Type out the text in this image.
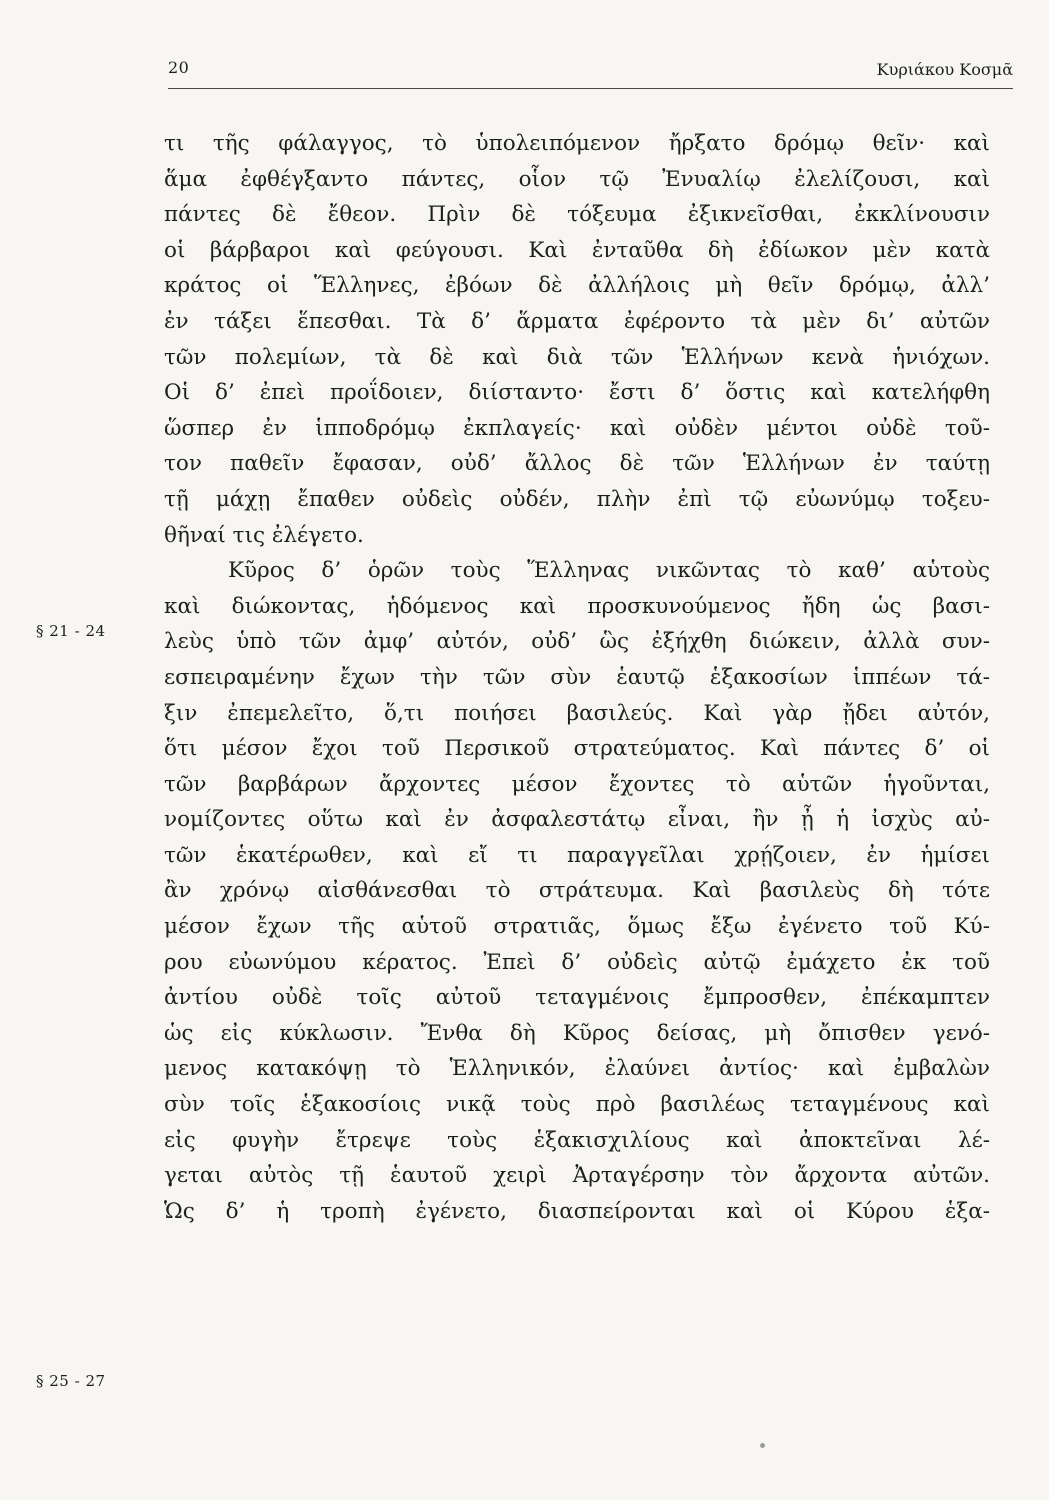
20	Κυριάκου Κοσμᾶ
§ 21 - 24
§ 25 - 27
τι τῆς φάλαγγος, τὸ ὑπολειπόμενον ἤρξατο δρόμῳ θεῖν· καὶ
ἅμα ἐφθέγξαντο πάντες, οἷον τῷ Ἐνυαλίῳ ἐλελίζουσι, καὶ
πάντες δὲ ἔθεον. Πρὶν δὲ τόξευμα ἐξικνεῖσθαι, ἐκκλίνουσιν
οἱ βάρβαροι καὶ φεύγουσι. Καὶ ἐνταῦθα δὴ ἐδίωκον μὲν κατὰ
κράτος οἱ Ἕλληνες, ἐβόων δὲ ἀλλήλοις μὴ θεῖν δρόμῳ, ἀλλ’
ἐν τάξει ἕπεσθαι. Τὰ δ’ ἅρματα ἐφέροντο τὰ μὲν δι’ αὐτῶν
τῶν πολεμίων, τὰ δὲ καὶ διὰ τῶν Ἑλλήνων κενὰ ἡνιόχων.
Οἱ δ’ ἐπεὶ προΐδοιεν, διίσταντο· ἔστι δ’ ὅστις καὶ κατελήφθη
ὥσπερ ἐν ἱπποδρόμῳ ἐκπλαγείς· καὶ οὐδὲν μέντοι οὐδὲ τοῦ-
τον παθεῖν ἔφασαν, οὐδ’ ἄλλος δὲ τῶν Ἑλλήνων ἐν ταύτῃ
τῇ μάχῃ ἔπαθεν οὐδεὶς οὐδέν, πλὴν ἐπὶ τῷ εὐωνύμῳ τοξευ-
θῆναί τις ἐλέγετο.
Κῦρος δ’ ὁρῶν τοὺς Ἕλληνας νικῶντας τὸ καθ’ αὑτοὺς
καὶ διώκοντας, ἡδόμενος καὶ προσκυνούμενος ἤδη ὡς βασι-
λεὺς ὑπὸ τῶν ἀμφ’ αὐτόν, οὐδ’ ὣς ἐξήχθη διώκειν, ἀλλὰ συν-
εσπειραμένην ἔχων τὴν τῶν σὺν ἑαυτῷ ἑξακοσίων ἱππέων τά-
ξιν ἐπεμελεῖτο, ὅ,τι ποιήσει βασιλεύς. Καὶ γὰρ ᾔδει αὐτόν,
ὅτι μέσον ἔχοι τοῦ Περσικοῦ στρατεύματος. Καὶ πάντες δ’ οἱ
τῶν βαρβάρων ἄρχοντες μέσον ἔχοντες τὸ αὑτῶν ἡγοῦνται,
νομίζοντες οὕτω καὶ ἐν ἀσφαλεστάτῳ εἶναι, ἢν ᾖ ἡ ἰσχὺς αὐ-
τῶν ἑκατέρωθεν, καὶ εἴ τι παραγγεῖλαι χρῄζοιεν, ἐν ἡμίσει
ἂν χρόνῳ αἰσθάνεσθαι τὸ στράτευμα. Καὶ βασιλεὺς δὴ τότε
μέσον ἔχων τῆς αὑτοῦ στρατιᾶς, ὅμως ἔξω ἐγένετο τοῦ Κύ-
ρου εὐωνύμου κέρατος. Ἐπεὶ δ’ οὐδεὶς αὐτῷ ἐμάχετο ἐκ τοῦ
ἀντίου οὐδὲ τοῖς αὐτοῦ τεταγμένοις ἔμπροσθεν, ἐπέκαμπτεν
ὡς εἰς κύκλωσιν. Ἔνθα δὴ Κῦρος δείσας, μὴ ὄπισθεν γενό-
μενος κατακόψῃ τὸ Ἑλληνικόν, ἐλαύνει ἀντίος· καὶ ἐμβαλὼν
σὺν τοῖς ἑξακοσίοις νικᾷ τοὺς πρὸ βασιλέως τεταγμένους καὶ
εἰς φυγὴν ἔτρεψε τοὺς ἑξακισχιλίους καὶ ἀποκτεῖναι λέ-
γεται αὐτὸς τῇ ἑαυτοῦ χειρὶ Ἀρταγέρσην τὸν ἄρχοντα αὐτῶν.
Ὡς δ’ ἡ τροπὴ ἐγένετο, διασπείρονται καὶ οἱ Κύρου ἑξα-
